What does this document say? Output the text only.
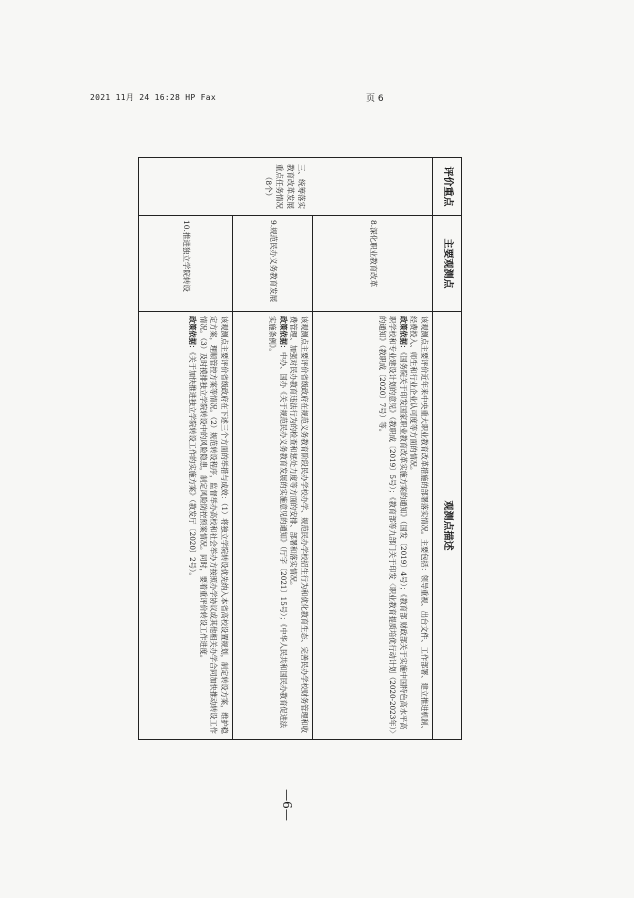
2021 11月 24 16:28 HP Fax	页 6
评价重点	主要观测点	观测点描述
三、统筹落实教育改革发展重点任务情况（8个）	8.深化职业教育改革	该观测点主要评价近年来中央重大职业教育改革措施的部署落实情况。主要包括：领导重视、出台文件、工作部署、建立推进机制、经费投入、师生和行业企业认可度等方面的情况。

政策依据：《国务院关于印发国家职业教育改革实施方案的通知》（国发〔2019〕4号）；《教育部 财政部关于实施中国特色高水平高职学校和专业建设计划的意见》（教职成〔2019〕5号）；《教育部等九部门关于印发〈职业教育提质培优行动计划（2020-2023年）〉的通知》（教职成〔2020〕7号）等。

	9.规范民办义务教育发展	该观测点主要评价省级政府在规范义务教育阶段民办学校办学、规范民办学校招生行为和优化教育生态、完善民办学校财务管理和收费管理、加强对民办教育违法行为的检查和惩处力度等方面的安排、部署和落实情况。

政策依据：中办、国办《关于规范民办义务教育发展的实施意见的通知》（厅字〔2021〕15号）；《中华人民共和国民办教育促进法实施条例》。

	10.推进独立学院转设	该观测点主要评价省级政府在下述三个方面的举措与成效：（1）将独立学院转设优先纳入本省高校设置规划，制定转设方案，维护稳定方案，理顺管控方案等情况。（2）规范转设程序，监督举办高校和社会举办方按照办学协议或其他相关办学合同加快推动转设工作情况。（3）及时摸排独立学院转设中的风险隐患，制定风险防控预案情况。同时，要着重评价转设工作进度。

政策依据：《关于加快推进独立学院转设工作的实施方案》（教发厅〔2020〕2号）。

—6—
